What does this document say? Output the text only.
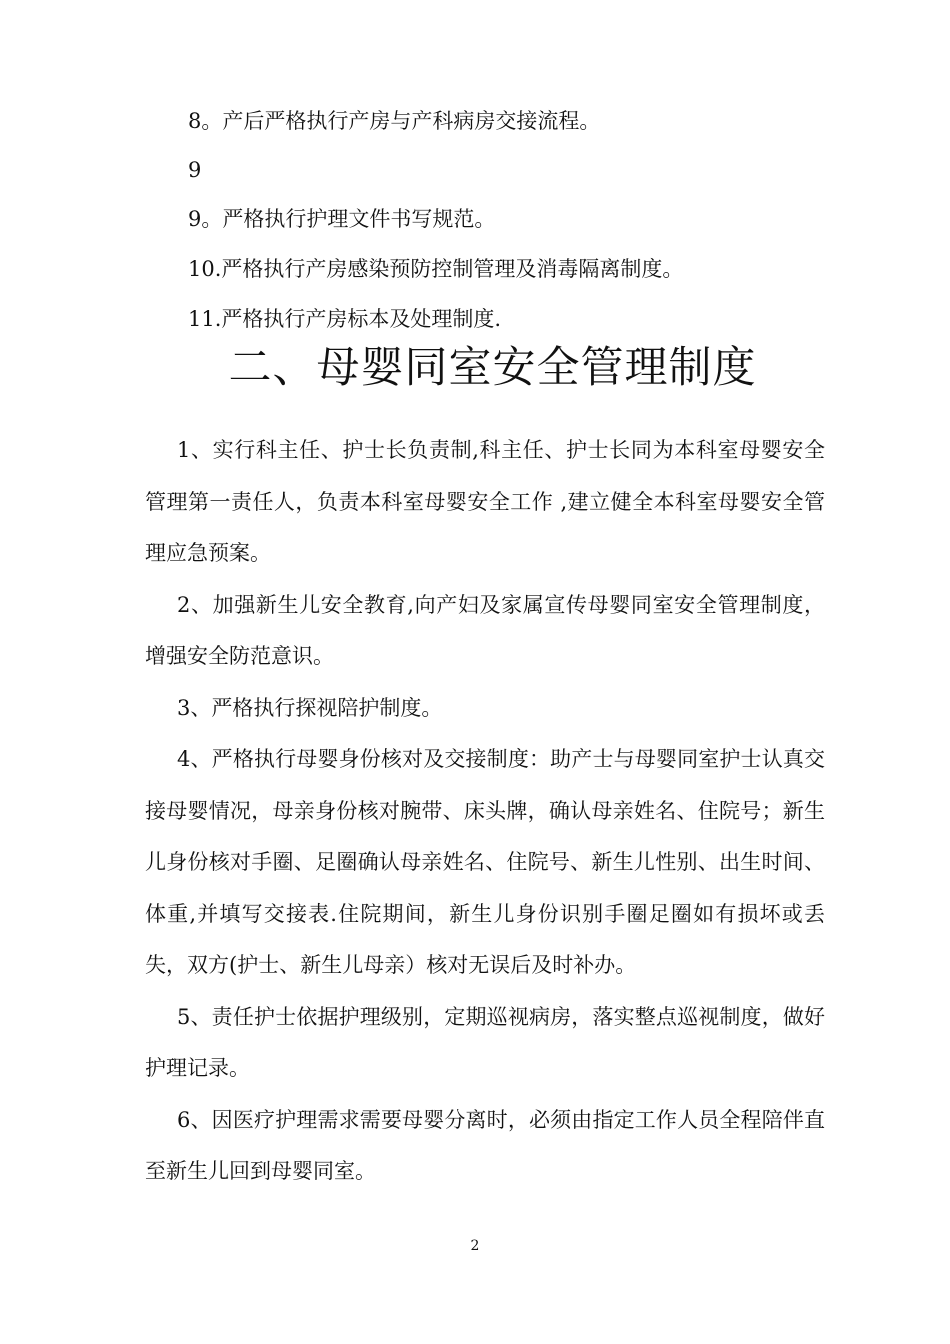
8。产后严格执行产房与产科病房交接流程。
9
9。严格执行护理文件书写规范。
10.严格执行产房感染预防控制管理及消毒隔离制度。
11.严格执行产房标本及处理制度.
二、母婴同室安全管理制度

1、实行科主任、护士长负责制,科主任、护士长同为本科室母婴安全管理第一责任人，负责本科室母婴安全工作 ,建立健全本科室母婴安全管理应急预案。

2、加强新生儿安全教育,向产妇及家属宣传母婴同室安全管理制度，增强安全防范意识。

3、严格执行探视陪护制度。

4、严格执行母婴身份核对及交接制度：助产士与母婴同室护士认真交接母婴情况，母亲身份核对腕带、床头牌，确认母亲姓名、住院号；新生儿身份核对手圈、足圈确认母亲姓名、住院号、新生儿性别、出生时间、体重,并填写交接表.住院期间，新生儿身份识别手圈足圈如有损坏或丢失，双方(护士、新生儿母亲）核对无误后及时补办。

5、责任护士依据护理级别，定期巡视病房，落实整点巡视制度，做好护理记录。

6、因医疗护理需求需要母婴分离时，必须由指定工作人员全程陪伴直至新生儿回到母婴同室。

2
